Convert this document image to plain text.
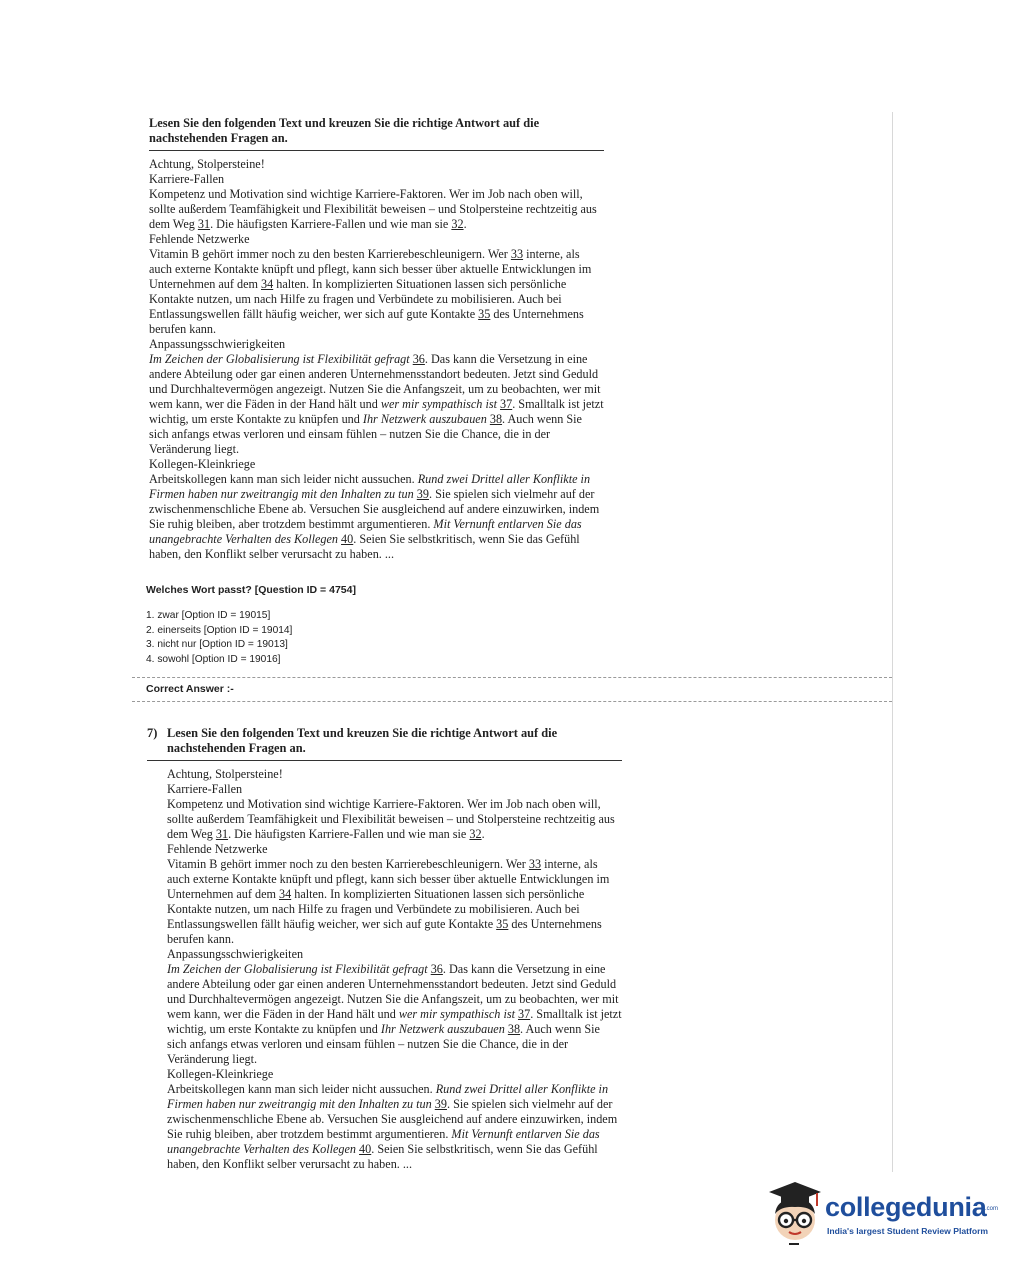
Lesen Sie den folgenden Text und kreuzen Sie die richtige Antwort auf die nachstehenden Fragen an.

Achtung, Stolpersteine!

Karriere-Fallen

Kompetenz und Motivation sind wichtige Karriere-Faktoren. Wer im Job nach oben will, sollte außerdem Teamfähigkeit und Flexibilität beweisen – und Stolpersteine rechtzeitig aus dem Weg 31. Die häufigsten Karriere-Fallen und wie man sie 32.

Fehlende Netzwerke

Vitamin B gehört immer noch zu den besten Karrierebeschleunigern. Wer 33 interne, als auch externe Kontakte knüpft und pflegt, kann sich besser über aktuelle Entwicklungen im Unternehmen auf dem 34 halten. In komplizierten Situationen lassen sich persönliche Kontakte nutzen, um nach Hilfe zu fragen und Verbündete zu mobilisieren. Auch bei Entlassungswellen fällt häufig weicher, wer sich auf gute Kontakte 35 des Unternehmens berufen kann.

Anpassungsschwierigkeiten

Im Zeichen der Globalisierung ist Flexibilität gefragt 36. Das kann die Versetzung in eine andere Abteilung oder gar einen anderen Unternehmensstandort bedeuten. Jetzt sind Geduld und Durchhaltevermögen angezeigt. Nutzen Sie die Anfangszeit, um zu beobachten, wer mit wem kann, wer die Fäden in der Hand hält und wer mir sympathisch ist 37. Smalltalk ist jetzt wichtig, um erste Kontakte zu knüpfen und Ihr Netzwerk auszubauen 38. Auch wenn Sie sich anfangs etwas verloren und einsam fühlen – nutzen Sie die Chance, die in der Veränderung liegt.

Kollegen-Kleinkriege

Arbeitskollegen kann man sich leider nicht aussuchen. Rund zwei Drittel aller Konflikte in Firmen haben nur zweitrangig mit den Inhalten zu tun 39. Sie spielen sich vielmehr auf der zwischenmenschliche Ebene ab. Versuchen Sie ausgleichend auf andere einzuwirken, indem Sie ruhig bleiben, aber trotzdem bestimmt argumentieren. Mit Vernunft entlarven Sie das unangebrachte Verhalten des Kollegen 40. Seien Sie selbstkritisch, wenn Sie das Gefühl haben, den Konflikt selber verursacht zu haben. ...

Welches Wort passt? [Question ID = 4754]
1. zwar [Option ID = 19015]
2. einerseits [Option ID = 19014]
3. nicht nur [Option ID = 19013]
4. sowohl [Option ID = 19016]
Correct Answer :-
7) Lesen Sie den folgenden Text und kreuzen Sie die richtige Antwort auf die nachstehenden Fragen an.

Achtung, Stolpersteine!

Karriere-Fallen

Kompetenz und Motivation sind wichtige Karriere-Faktoren. Wer im Job nach oben will, sollte außerdem Teamfähigkeit und Flexibilität beweisen – und Stolpersteine rechtzeitig aus dem Weg 31. Die häufigsten Karriere-Fallen und wie man sie 32.

Fehlende Netzwerke

Vitamin B gehört immer noch zu den besten Karrierebeschleunigern. Wer 33 interne, als auch externe Kontakte knüpft und pflegt, kann sich besser über aktuelle Entwicklungen im Unternehmen auf dem 34 halten. In komplizierten Situationen lassen sich persönliche Kontakte nutzen, um nach Hilfe zu fragen und Verbündete zu mobilisieren. Auch bei Entlassungswellen fällt häufig weicher, wer sich auf gute Kontakte 35 des Unternehmens berufen kann.

Anpassungsschwierigkeiten

Im Zeichen der Globalisierung ist Flexibilität gefragt 36. Das kann die Versetzung in eine andere Abteilung oder gar einen anderen Unternehmensstandort bedeuten. Jetzt sind Geduld und Durchhaltevermögen angezeigt. Nutzen Sie die Anfangszeit, um zu beobachten, wer mit wem kann, wer die Fäden in der Hand hält und wer mir sympathisch ist 37. Smalltalk ist jetzt wichtig, um erste Kontakte zu knüpfen und Ihr Netzwerk auszubauen 38. Auch wenn Sie sich anfangs etwas verloren und einsam fühlen – nutzen Sie die Chance, die in der Veränderung liegt.

Kollegen-Kleinkriege

Arbeitskollegen kann man sich leider nicht aussuchen. Rund zwei Drittel aller Konflikte in Firmen haben nur zweitrangig mit den Inhalten zu tun 39. Sie spielen sich vielmehr auf der zwischenmenschliche Ebene ab. Versuchen Sie ausgleichend auf andere einzuwirken, indem Sie ruhig bleiben, aber trotzdem bestimmt argumentieren. Mit Vernunft entlarven Sie das unangebrachte Verhalten des Kollegen 40. Seien Sie selbstkritisch, wenn Sie das Gefühl haben, den Konflikt selber verursacht zu haben. ...

collegedunia
.com
India's largest Student Review Platform
